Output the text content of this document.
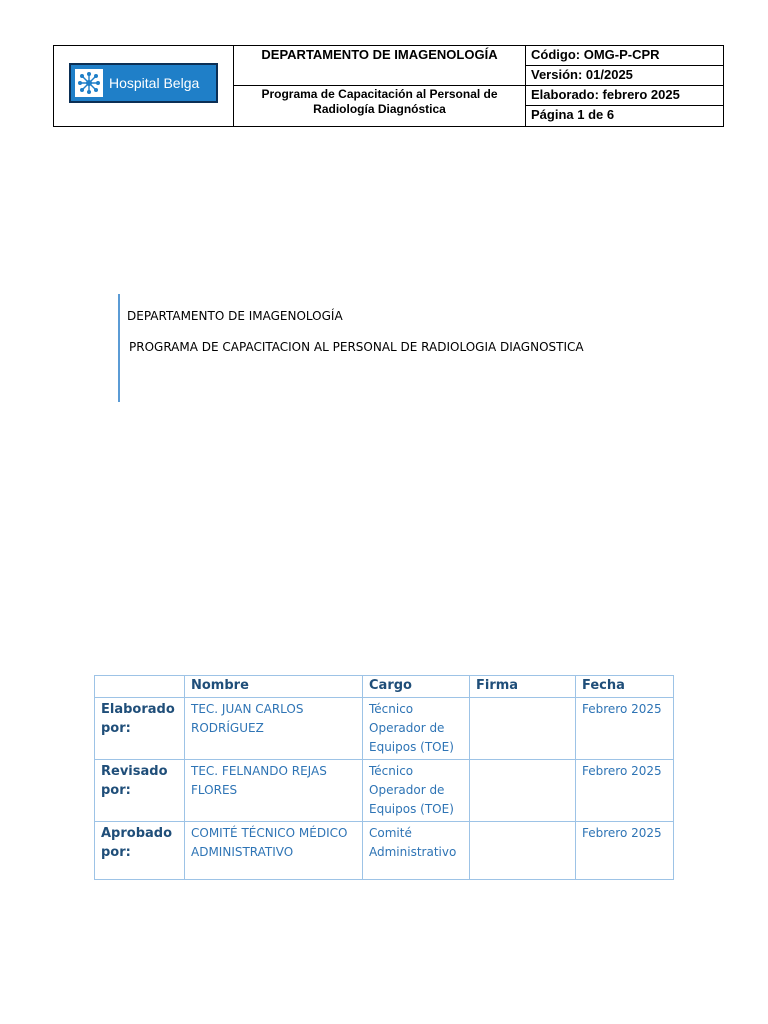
Hospital Belga
DEPARTAMENTO DE IMAGENOLOGÍA
Programa de Capacitación al Personal de Radiología Diagnóstica
Código: OMG-P-CPR
Versión: 01/2025
Elaborado: febrero 2025
Página 1 de 6
DEPARTAMENTO DE IMAGENOLOGÍA
PROGRAMA DE CAPACITACION AL PERSONAL DE RADIOLOGIA DIAGNOSTICA
	Nombre	Cargo	Firma	Fecha
Elaborado por:	TEC. JUAN CARLOS RODRÍGUEZ	Técnico Operador de Equipos (TOE)		Febrero 2025
Revisado por:	TEC. FELNANDO REJAS FLORES	Técnico Operador de Equipos (TOE)		Febrero 2025
Aprobado por:	COMITÉ TÉCNICO MÉDICO ADMINISTRATIVO	Comité Administrativo		Febrero 2025
